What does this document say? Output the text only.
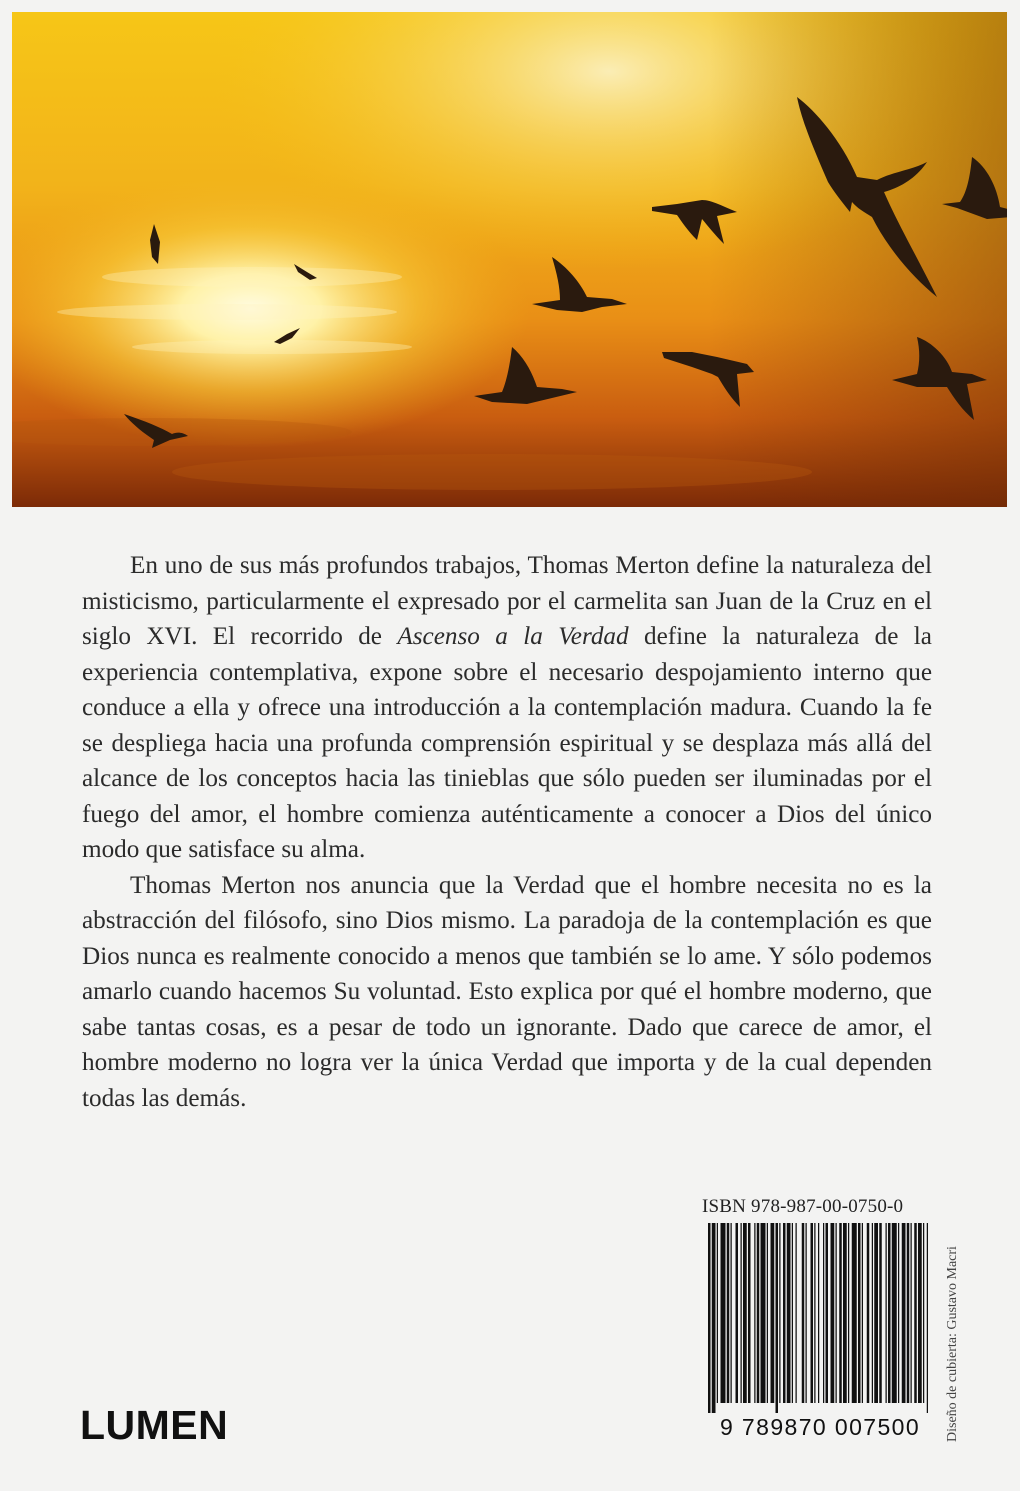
En uno de sus más profundos trabajos, Thomas Merton define la naturaleza del misticismo, particularmente el expresado por el carmelita san Juan de la Cruz en el siglo XVI. El recorrido de Ascenso a la Verdad define la naturaleza de la experiencia contemplativa, expone sobre el necesario despojamiento interno que conduce a ella y ofrece una introducción a la contemplación madura. Cuando la fe se despliega hacia una profunda comprensión espiritual y se desplaza más allá del alcance de los conceptos hacia las tinieblas que sólo pueden ser iluminadas por el fuego del amor, el hombre comienza auténticamente a conocer a Dios del único modo que satisface su alma.

Thomas Merton nos anuncia que la Verdad que el hombre necesita no es la abstracción del filósofo, sino Dios mismo. La paradoja de la contemplación es que Dios nunca es realmente conocido a menos que también se lo ame. Y sólo podemos amarlo cuando hacemos Su voluntad. Esto explica por qué el hombre moderno, que sabe tantas cosas, es a pesar de todo un ignorante. Dado que carece de amor, el hombre moderno no logra ver la única Verdad que importa y de la cual dependen todas las demás.

ISBN 978-987-00-0750-0
9 789870 007500	Diseño de cubierta: Gustavo Macri
LUMEN
